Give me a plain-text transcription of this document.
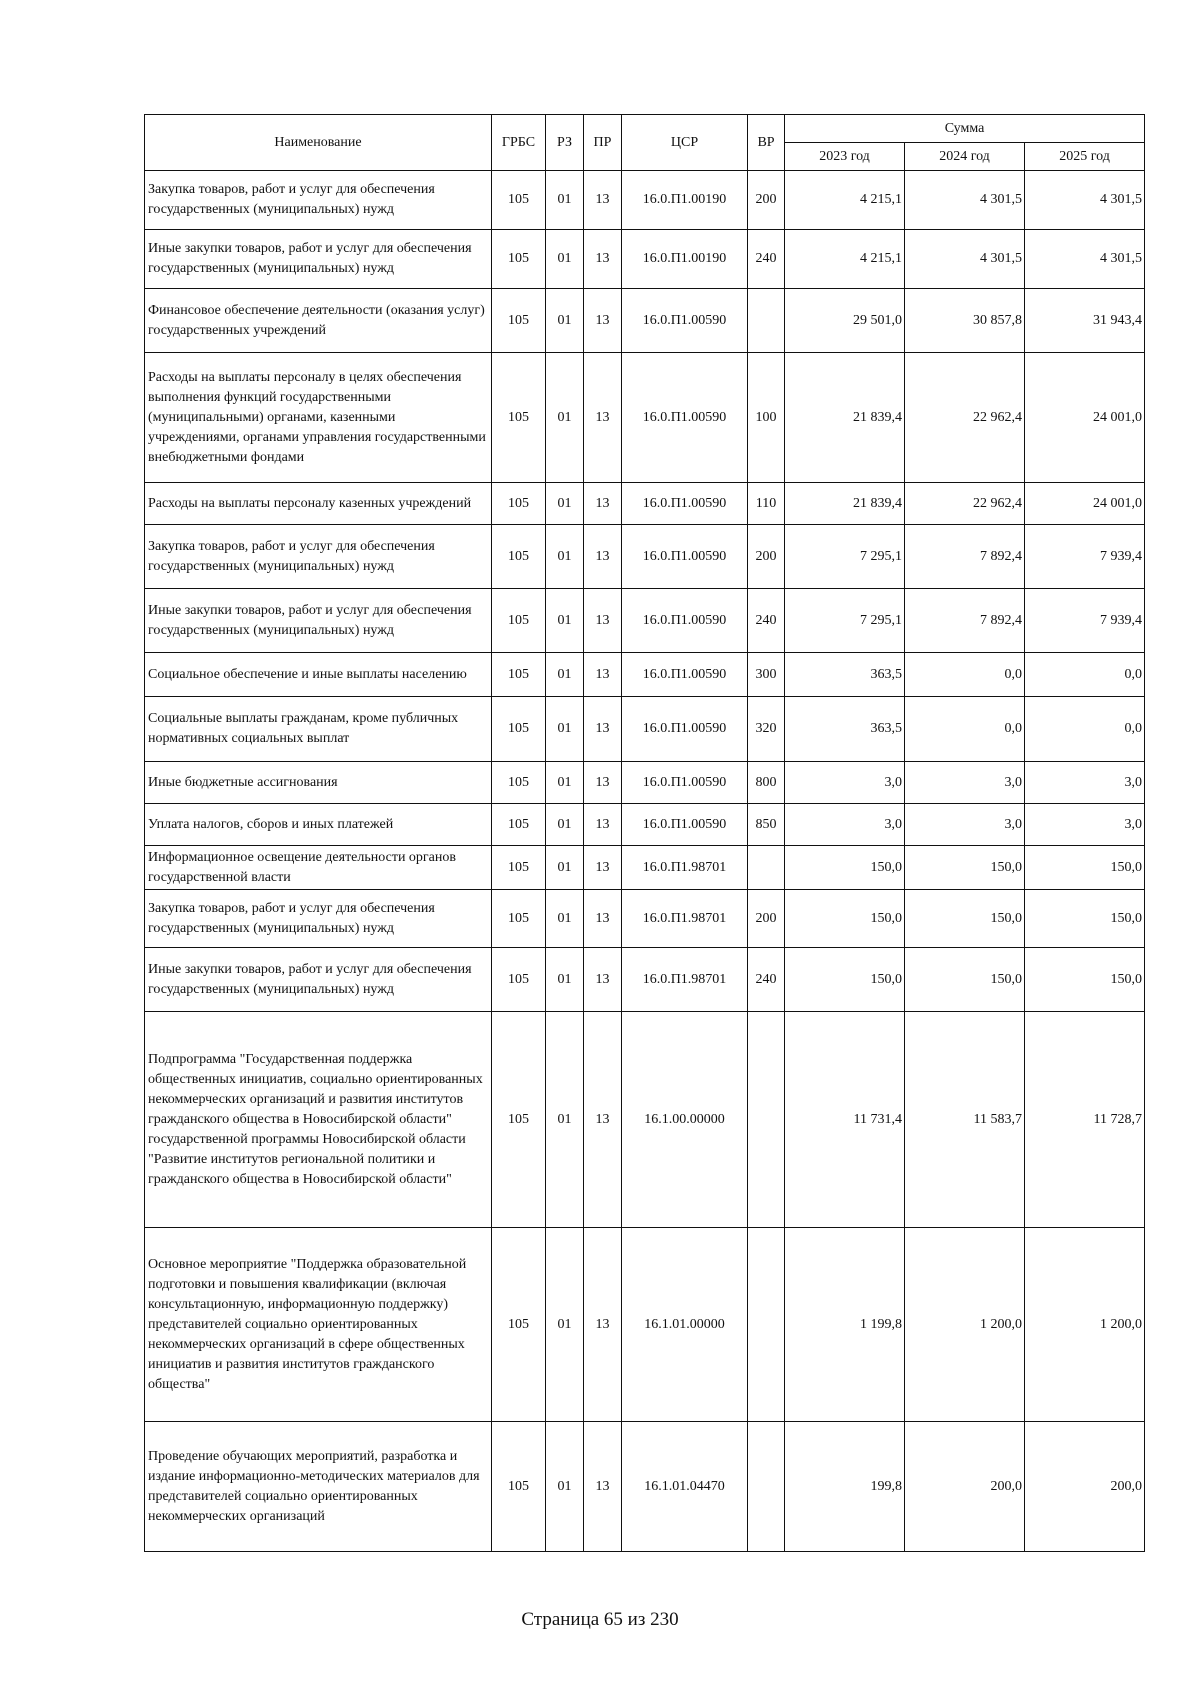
Наименование	ГРБС	РЗ	ПР	ЦСР	ВР	Сумма		
						2023 год	2024 год	2025 год
Закупка товаров, работ и услуг для обеспечения государственных (муниципальных) нужд	105	01	13	16.0.П1.00190	200	4 215,1	4 301,5	4 301,5
Иные закупки товаров, работ и услуг для обеспечения государственных (муниципальных) нужд	105	01	13	16.0.П1.00190	240	4 215,1	4 301,5	4 301,5
Финансовое обеспечение деятельности (оказания услуг) государственных учреждений	105	01	13	16.0.П1.00590		29 501,0	30 857,8	31 943,4
Расходы на выплаты персоналу в целях обеспечения выполнения функций государственными (муниципальными) органами, казенными учреждениями, органами управления государственными внебюджетными фондами	105	01	13	16.0.П1.00590	100	21 839,4	22 962,4	24 001,0
Расходы на выплаты персоналу казенных учреждений	105	01	13	16.0.П1.00590	110	21 839,4	22 962,4	24 001,0
Закупка товаров, работ и услуг для обеспечения государственных (муниципальных) нужд	105	01	13	16.0.П1.00590	200	7 295,1	7 892,4	7 939,4
Иные закупки товаров, работ и услуг для обеспечения государственных (муниципальных) нужд	105	01	13	16.0.П1.00590	240	7 295,1	7 892,4	7 939,4
Социальное обеспечение и иные выплаты населению	105	01	13	16.0.П1.00590	300	363,5	0,0	0,0
Социальные выплаты гражданам, кроме публичных нормативных социальных выплат	105	01	13	16.0.П1.00590	320	363,5	0,0	0,0
Иные бюджетные ассигнования	105	01	13	16.0.П1.00590	800	3,0	3,0	3,0
Уплата налогов, сборов и иных платежей	105	01	13	16.0.П1.00590	850	3,0	3,0	3,0
Информационное освещение деятельности органов государственной власти	105	01	13	16.0.П1.98701		150,0	150,0	150,0
Закупка товаров, работ и услуг для обеспечения государственных (муниципальных) нужд	105	01	13	16.0.П1.98701	200	150,0	150,0	150,0
Иные закупки товаров, работ и услуг для обеспечения государственных (муниципальных) нужд	105	01	13	16.0.П1.98701	240	150,0	150,0	150,0
Подпрограмма "Государственная поддержка общественных инициатив, социально ориентированных некоммерческих организаций и развития институтов гражданского общества в Новосибирской области" государственной программы Новосибирской области "Развитие институтов региональной политики и гражданского общества в Новосибирской области"	105	01	13	16.1.00.00000		11 731,4	11 583,7	11 728,7
Основное мероприятие "Поддержка образовательной подготовки и повышения квалификации (включая консультационную, информационную поддержку) представителей социально ориентированных некоммерческих организаций в сфере общественных инициатив и развития институтов гражданского общества"	105	01	13	16.1.01.00000		1 199,8	1 200,0	1 200,0
Проведение обучающих мероприятий, разработка и издание информационно-методических материалов для представителей социально ориентированных некоммерческих организаций	105	01	13	16.1.01.04470		199,8	200,0	200,0
Страница 65 из 230
